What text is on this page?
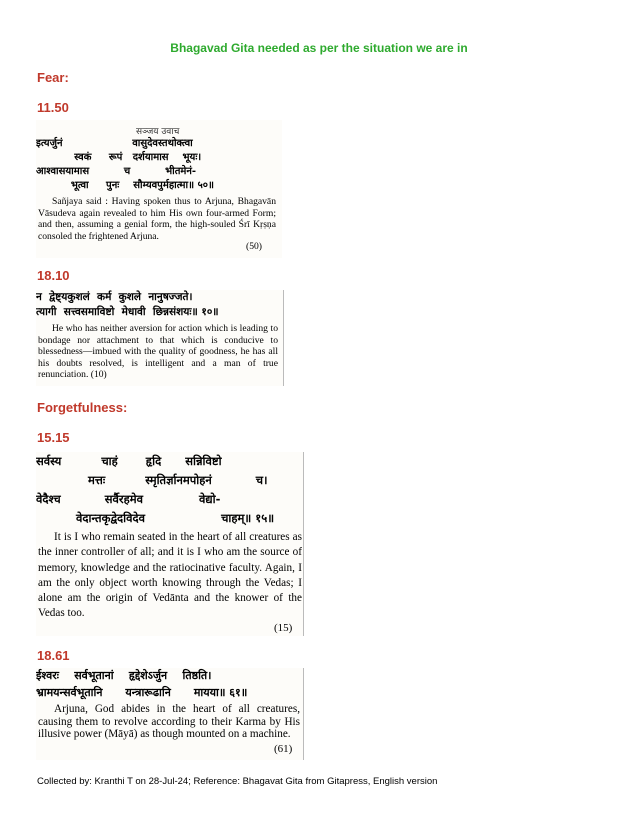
Bhagavad Gita needed as per the situation we are in
Fear:
11.50
सञ्जय उवाच
इत्यर्जुनं                    वासुदेवस्तथोक्त्वा
स्वकं     रूपं   दर्शयामास    भूयः।
आश्वासयामास          च          भीतमेनं-
भूत्वा     पुनः    सौम्यवपुर्महात्मा॥ ५०॥
Sañjaya said : Having spoken thus to Arjuna, Bhagavān Vāsudeva again revealed to him His own four-armed Form; and then, assuming a genial form, the high-souled Śrī Kṛṣṇa consoled the frightened Arjuna.
(50)
18.10
न  द्वेष्ट्यकुशलं  कर्म  कुशले  नानुषज्जते।
त्यागी  सत्त्वसमाविष्टो  मेधावी  छिन्नसंशयः॥ १०॥
He who has neither aversion for action which is leading to bondage nor attachment to that which is conducive to blessedness—imbued with the quality of goodness, he has all his doubts resolved, is intelligent and a man of true renunciation. (10)
Forgetfulness:
15.15
सर्वस्य          चाहं       हृदि      सन्निविष्टो
मत्तः          स्मृतिर्ज्ञानमपोहनं           च।
वेदैश्च           सर्वैरहमेव              वेद्यो-
वेदान्तकृद्वेदविदेव                   चाहम्॥ १५॥
It is I who remain seated in the heart of all creatures as the inner controller of all; and it is I who am the source of memory, knowledge and the ratiocinative faculty. Again, I am the only object worth knowing through the Vedas; I alone am the origin of Vedānta and the knower of the Vedas too.
(15)
18.61
ईश्वरः    सर्वभूतानां    हृद्देशेऽर्जुन    तिष्ठति।
भ्रामयन्सर्वभूतानि      यन्त्रारूढानि      मायया॥ ६१॥
Arjuna, God abides in the heart of all creatures, causing them to revolve according to their Karma by His illusive power (Māyā) as though mounted on a machine.
(61)
Collected by: Kranthi T on 28-Jul-24; Reference: Bhagavat Gita from Gitapress, English version
